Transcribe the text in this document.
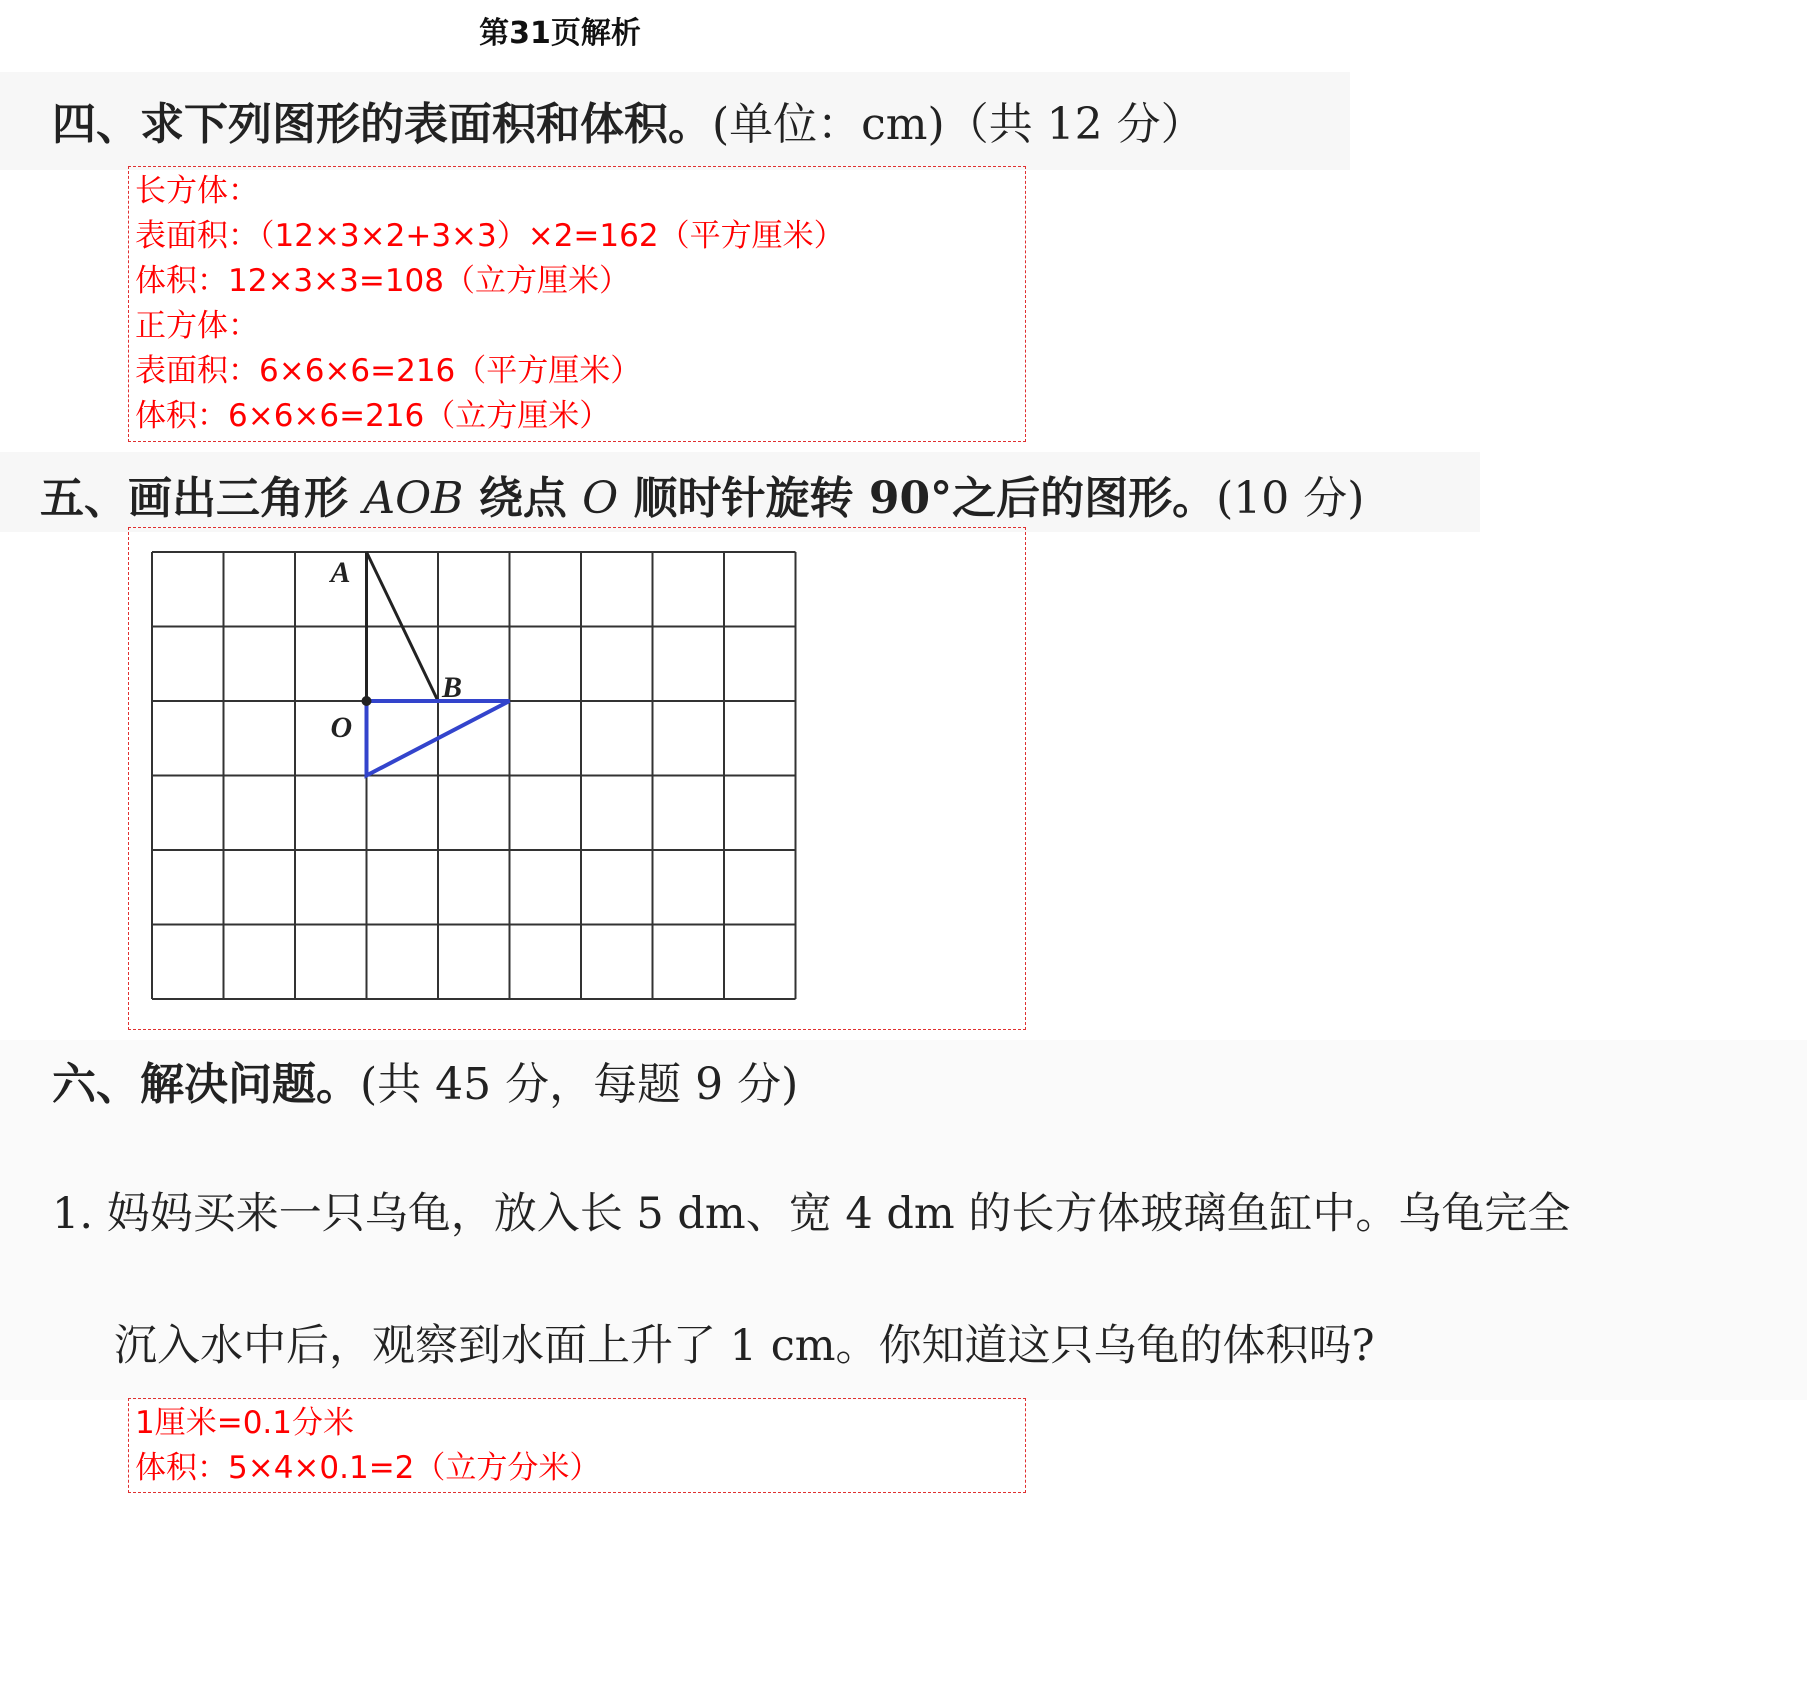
第31页解析
四、求下列图形的表面积和体积。(单位：cm)（共 12 分）
长方体：
表面积：（12×3×2+3×3）×2=162（平方厘米）
体积：12×3×3=108（立方厘米）
正方体：
表面积：6×6×6=216（平方厘米）
体积：6×6×6=216（立方厘米）
五、画出三角形 AOB 绕点 O 顺时针旋转 90°之后的图形。(10 分)
A
B
O
六、解决问题。(共 45 分，每题 9 分)
1. 妈妈买来一只乌龟，放入长 5 dm、宽 4 dm 的长方体玻璃鱼缸中。乌龟完全
沉入水中后，观察到水面上升了 1 cm。你知道这只乌龟的体积吗?
1厘米=0.1分米
体积：5×4×0.1=2（立方分米）
